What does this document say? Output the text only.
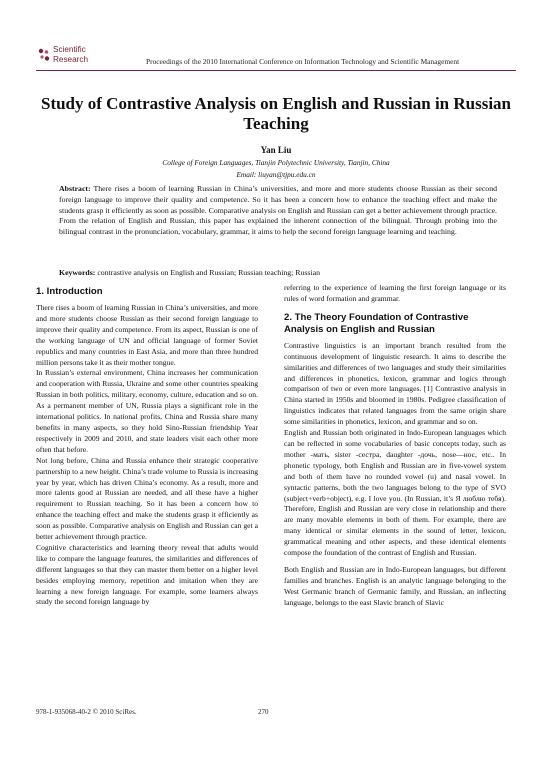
Scientific
Research	Proceedings of the 2010 International Conference on Information Technology and Scientific Management
Study of Contrastive Analysis on English and Russian in Russian Teaching
Yan Liu
College of Foreign Languages, Tianjin Polytechnic University, Tianjin, China
Email: liuyan@tjpu.edu.cn
Abstract: There rises a boom of learning Russian in China’s universities, and more and more students choose Russian as their second foreign language to improve their quality and competence. So it has been a concern how to enhance the teaching effect and make the students grasp it efficiently as soon as possible. Comparative analysis on English and Russian can get a better achievement through practice. From the relation of English and Russian, this paper has explained the inherent connection of the bilingual. Through probing into the bilingual contrast in the pronunciation, vocabulary, grammar, it aims to help the second foreign language learning and teaching.
Keywords: contrastive analysis on English and Russian; Russian teaching; Russian
1. Introduction

There rises a boom of learning Russian in China’s universities, and more and more students choose Russian as their second foreign language to improve their quality and competence. From its aspect, Russian is one of the working language of UN and official language of former Soviet republics and many countries in East Asia, and more than three hundred million persons take it as their mother tongue.

In Russian’s external environment, China increases her communication and cooperation with Russia, Ukraine and some other countries speaking Russian in both politics, military, economy, culture, education and so on. As a permanent member of UN, Russia plays a significant role in the international politics. In national profits, China and Russia share many benefits in many aspects, so they hold Sino-Russian friendship Year respectively in 2009 and 2010, and state leaders visit each other more often that before.

Not long before, China and Russia enhance their strategic cooperative partnership to a new height. China’s trade volume to Russia is increasing year by year, which has driven China’s economy. As a result, more and more talents good at Russian are needed, and all these have a higher requirement to Russian teaching. So it has been a concern how to enhance the teaching effect and make the students grasp it efficiently as soon as possible. Comparative analysis on English and Russian can get a better achievement through practice.

Cognitive characteristics and learning theory reveal that adults would like to compare the language features, the similarities and differences of different languages so that they can master them better on a higher level besides employing memory, repetition and imitation when they are learning a new foreign language. For example, some learners always study the second foreign language by

referring to the experience of learning the first foreign language or its rules of word formation and grammar.

2. The Theory Foundation of Contrastive Analysis on English and Russian

Contrastive linguistics is an important branch resulted from the continuous development of linguistic research. It aims to describe the similarities and differences of two languages and study their similarities and differences in phonetics, lexicon, grammar and logics through comparison of two or even more languages. [1] Contrastive analysis in China started in 1950s and bloomed in 1980s. Pedigree classification of linguistics indicates that related languages from the same origin share some similarities in phonetics, lexicon, and grammar and so on.

English and Russian both originated in Indo-European languages which can be reflected in some vocabularies of basic concepts today, such as mother -мать, sister -сестра, daughter -дочь, nose—нос, etc.. In phonetic typology, both English and Russian are in five-vowel system and both of them have no rounded vowel (u) and nasal vowel. In syntactic patterns, both the two languages belong to the type of SVO (subject+verb+object), e.g. I love you. (In Russian, it’s Я люблю тебя). Therefore, English and Russian are very close in relationship and there are many movable elements in both of them. For example, there are many identical or similar elements in the sound of letter, lexicon, grammatical meaning and other aspects, and these identical elements compose the foundation of the contrast of English and Russian.

Both English and Russian are in Indo-European languages, but different families and branches. English is an analytic language belonging to the West Germanic branch of Germanic family, and Russian, an inflecting language, belongs to the east Slavic branch of Slavic

978-1-935068-40-2 © 2010 SciRes.	270
